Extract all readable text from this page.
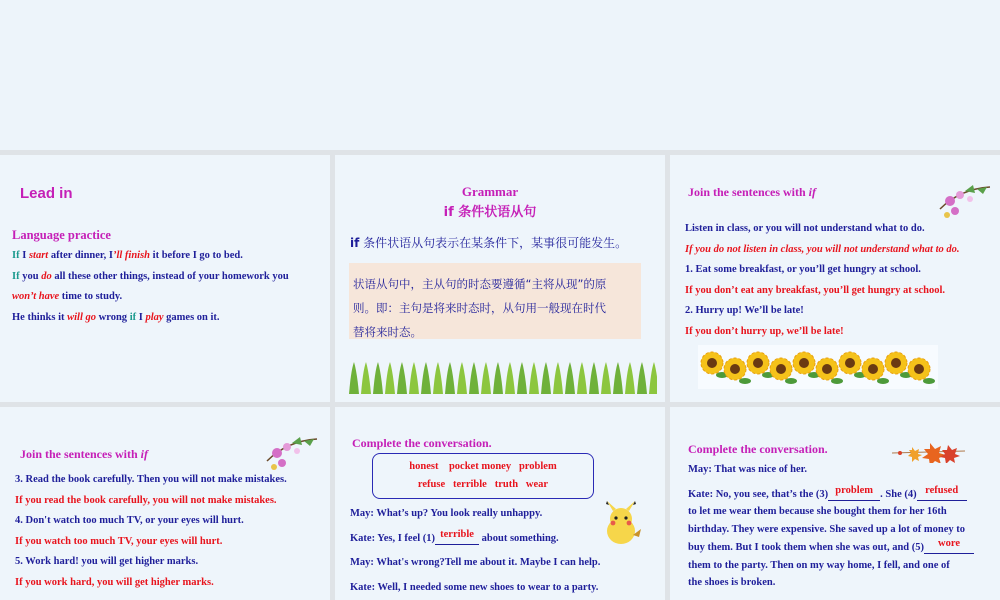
Lead in
Language practice
If I start after dinner, I’ll finish it before I go to bed.
If you do all these other things, instead of your homework you
won’t have time to study.
He thinks it will go wrong if I play games on it.
Grammar
if 条件状语从句
if 条件状语从句表示在某条件下，某事很可能发生。
状语从句中，主从句的时态要遵循“主将从现”的原
则。即：主句是将来时态时，从句用一般现在时代
替将来时态。
Join the sentences with if
Listen in class, or you will not understand what to do.
If you do not listen in class, you will not understand what to do.
1. Eat some breakfast, or you’ll get hungry at school.
If you don’t eat any breakfast, you’ll get hungry at school.
2. Hurry up! We’ll be late!
If you don’t hurry up, we’ll be late!
Join the sentences with if
3. Read the book carefully. Then you will not make mistakes.
If you read the book carefully, you will not make mistakes.
4. Don't watch too much TV, or your eyes will hurt.
If you watch too much TV, your eyes will hurt.
5. Work hard! you will get higher marks.
If you work hard, you will get higher marks.
Complete the conversation.
honest    pocket money   problem
refuse   terrible   truth   wear
May: What’s up? You look really unhappy.
Kate: Yes, I feel (1) terrible about something.
May: What's wrong?Tell me about it. Maybe I can help.
Kate: Well, I needed some new shoes to wear to a party.
Complete the conversation.
May: That was nice of her.
Kate: No, you see, that’s the (3) problem . She (4) refused
to let me wear them because she bought them for her 16th
birthday. They were expensive. She saved up a lot of money to
buy them. But I took them when she was out, and (5) wore
them to the party. Then on my way home, I fell, and one of
the shoes is broken.
